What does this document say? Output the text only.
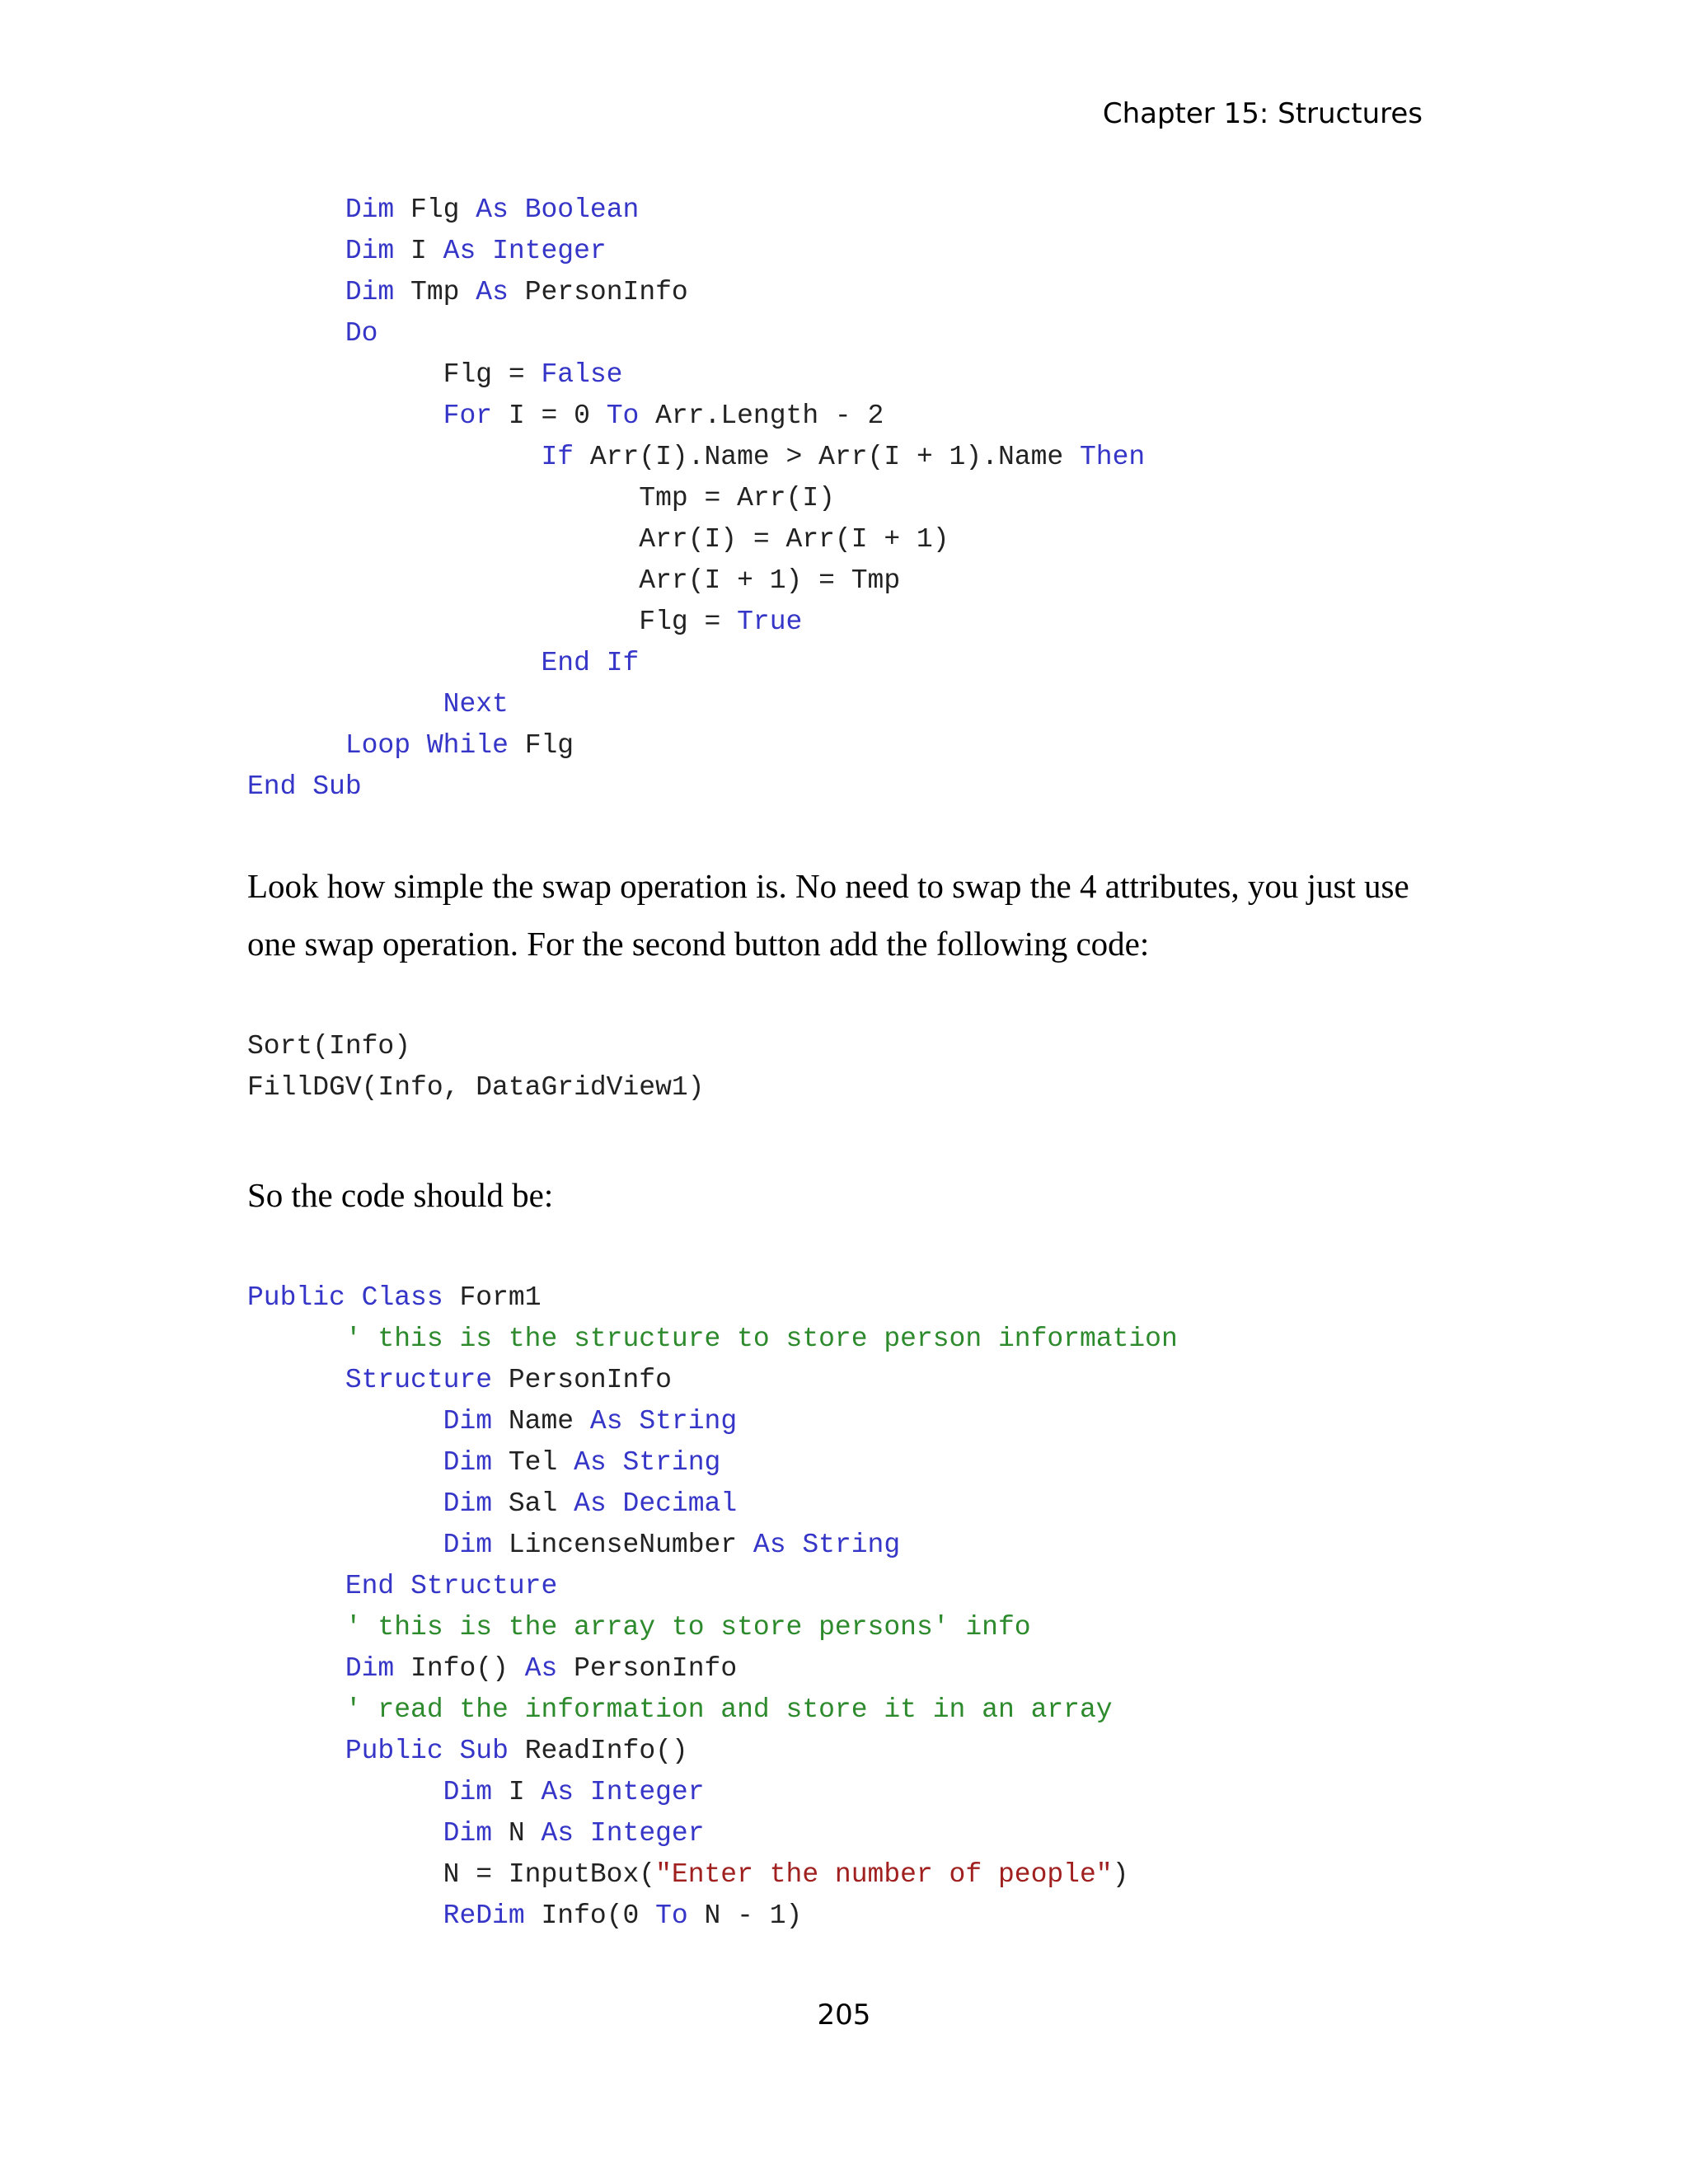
Chapter 15: Structures
Dim Flg As Boolean
Dim I As Integer
Dim Tmp As PersonInfo
Do
Flg = False
For I = 0 To Arr.Length - 2
If Arr(I).Name > Arr(I + 1).Name Then
Tmp = Arr(I)
Arr(I) = Arr(I + 1)
Arr(I + 1) = Tmp
Flg = True
End If
Next
Loop While Flg
End Sub

Look how simple the swap operation is. No need to swap the 4 attributes, you just use one swap operation. For the second button add the following code:

Sort(Info)
FillDGV(Info, DataGridView1)

So the code should be:

Public Class Form1
' this is the structure to store person information
Structure PersonInfo
Dim Name As String
Dim Tel As String
Dim Sal As Decimal
Dim LincenseNumber As String
End Structure
' this is the array to store persons' info
Dim Info() As PersonInfo
' read the information and store it in an array
Public Sub ReadInfo()
Dim I As Integer
Dim N As Integer
N = InputBox("Enter the number of people")
ReDim Info(0 To N - 1)
205
